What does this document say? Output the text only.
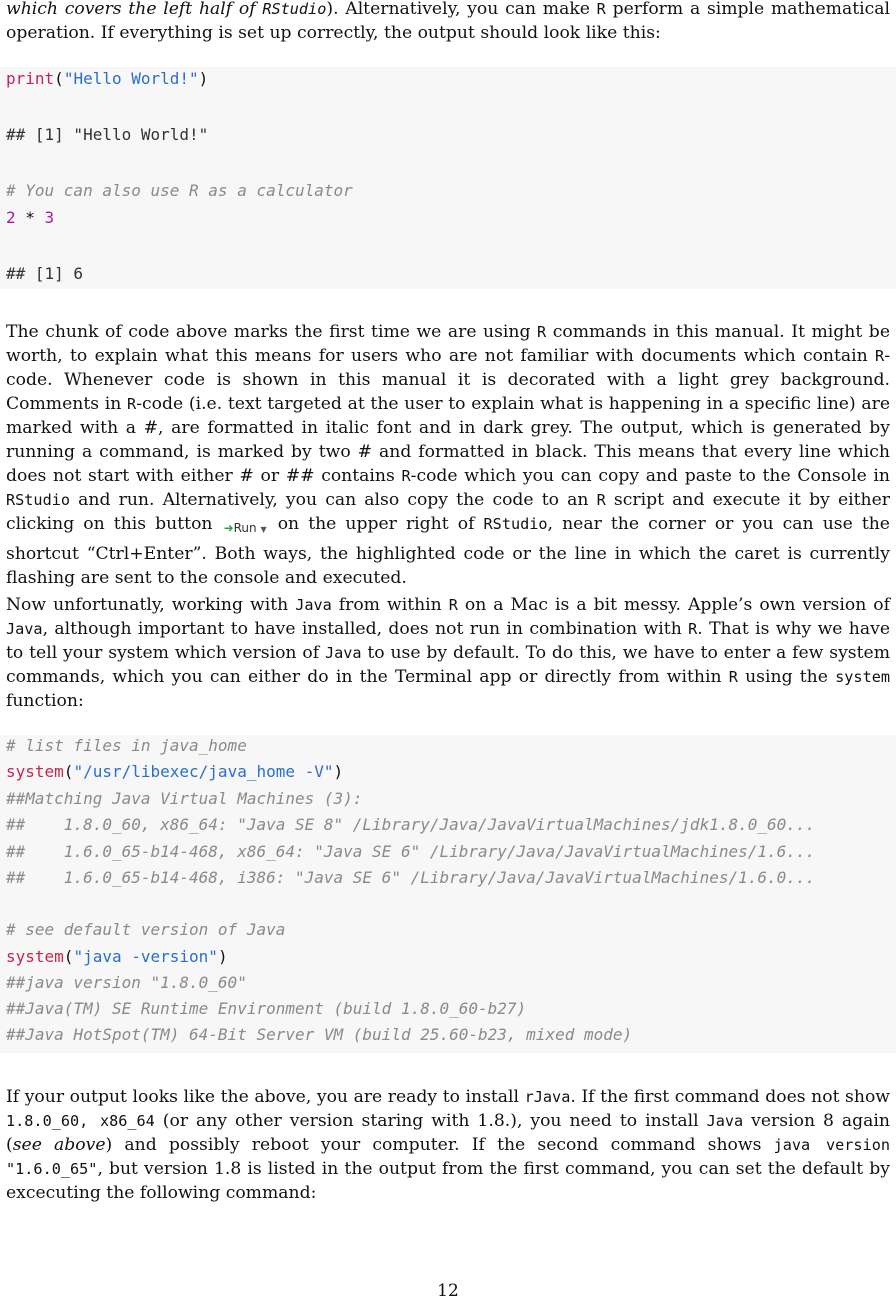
which covers the left half of RStudio). Alternatively, you can make R perform a simple mathematical operation. If everything is set up correctly, the output should look like this:
print("Hello World!")
## [1] "Hello World!"
# You can also use R as a calculator
2 * 3
## [1] 6
The chunk of code above marks the first time we are using R commands in this manual. It might be worth, to explain what this means for users who are not familiar with documents which contain R-code. Whenever code is shown in this manual it is decorated with a light grey background. Comments in R-code (i.e. text targeted at the user to explain what is happening in a specific line) are marked with a #, are formatted in italic font and in dark grey. The output, which is generated by running a command, is marked by two # and formatted in black. This means that every line which does not start with either # or ## contains R-code which you can copy and paste to the Console in RStudio and run. Alternatively, you can also copy the code to an R script and execute it by either clicking on this button ➜Run ▼ on the upper right of RStudio, near the corner or you can use the shortcut “Ctrl+Enter”. Both ways, the highlighted code or the line in which the caret is currently flashing are sent to the console and executed.
Now unfortunatly, working with Java from within R on a Mac is a bit messy. Apple’s own version of Java, although important to have installed, does not run in combination with R. That is why we have to tell your system which version of Java to use by default. To do this, we have to enter a few system commands, which you can either do in the Terminal app or directly from within R using the system function:
# list files in java_home
system("/usr/libexec/java_home -V")
##Matching Java Virtual Machines (3):
##    1.8.0_60, x86_64: "Java SE 8" /Library/Java/JavaVirtualMachines/jdk1.8.0_60...
##    1.6.0_65-b14-468, x86_64: "Java SE 6" /Library/Java/JavaVirtualMachines/1.6...
##    1.6.0_65-b14-468, i386: "Java SE 6" /Library/Java/JavaVirtualMachines/1.6.0...
# see default version of Java
system("java -version")
##java version "1.8.0_60"
##Java(TM) SE Runtime Environment (build 1.8.0_60-b27)
##Java HotSpot(TM) 64-Bit Server VM (build 25.60-b23, mixed mode)
If your output looks like the above, you are ready to install rJava. If the first command does not show 1.8.0_60, x86_64 (or any other version staring with 1.8.), you need to install Java version 8 again (see above) and possibly reboot your computer. If the second command shows java version "1.6.0_65", but version 1.8 is listed in the output from the first command, you can set the default by excecuting the following command:
12
